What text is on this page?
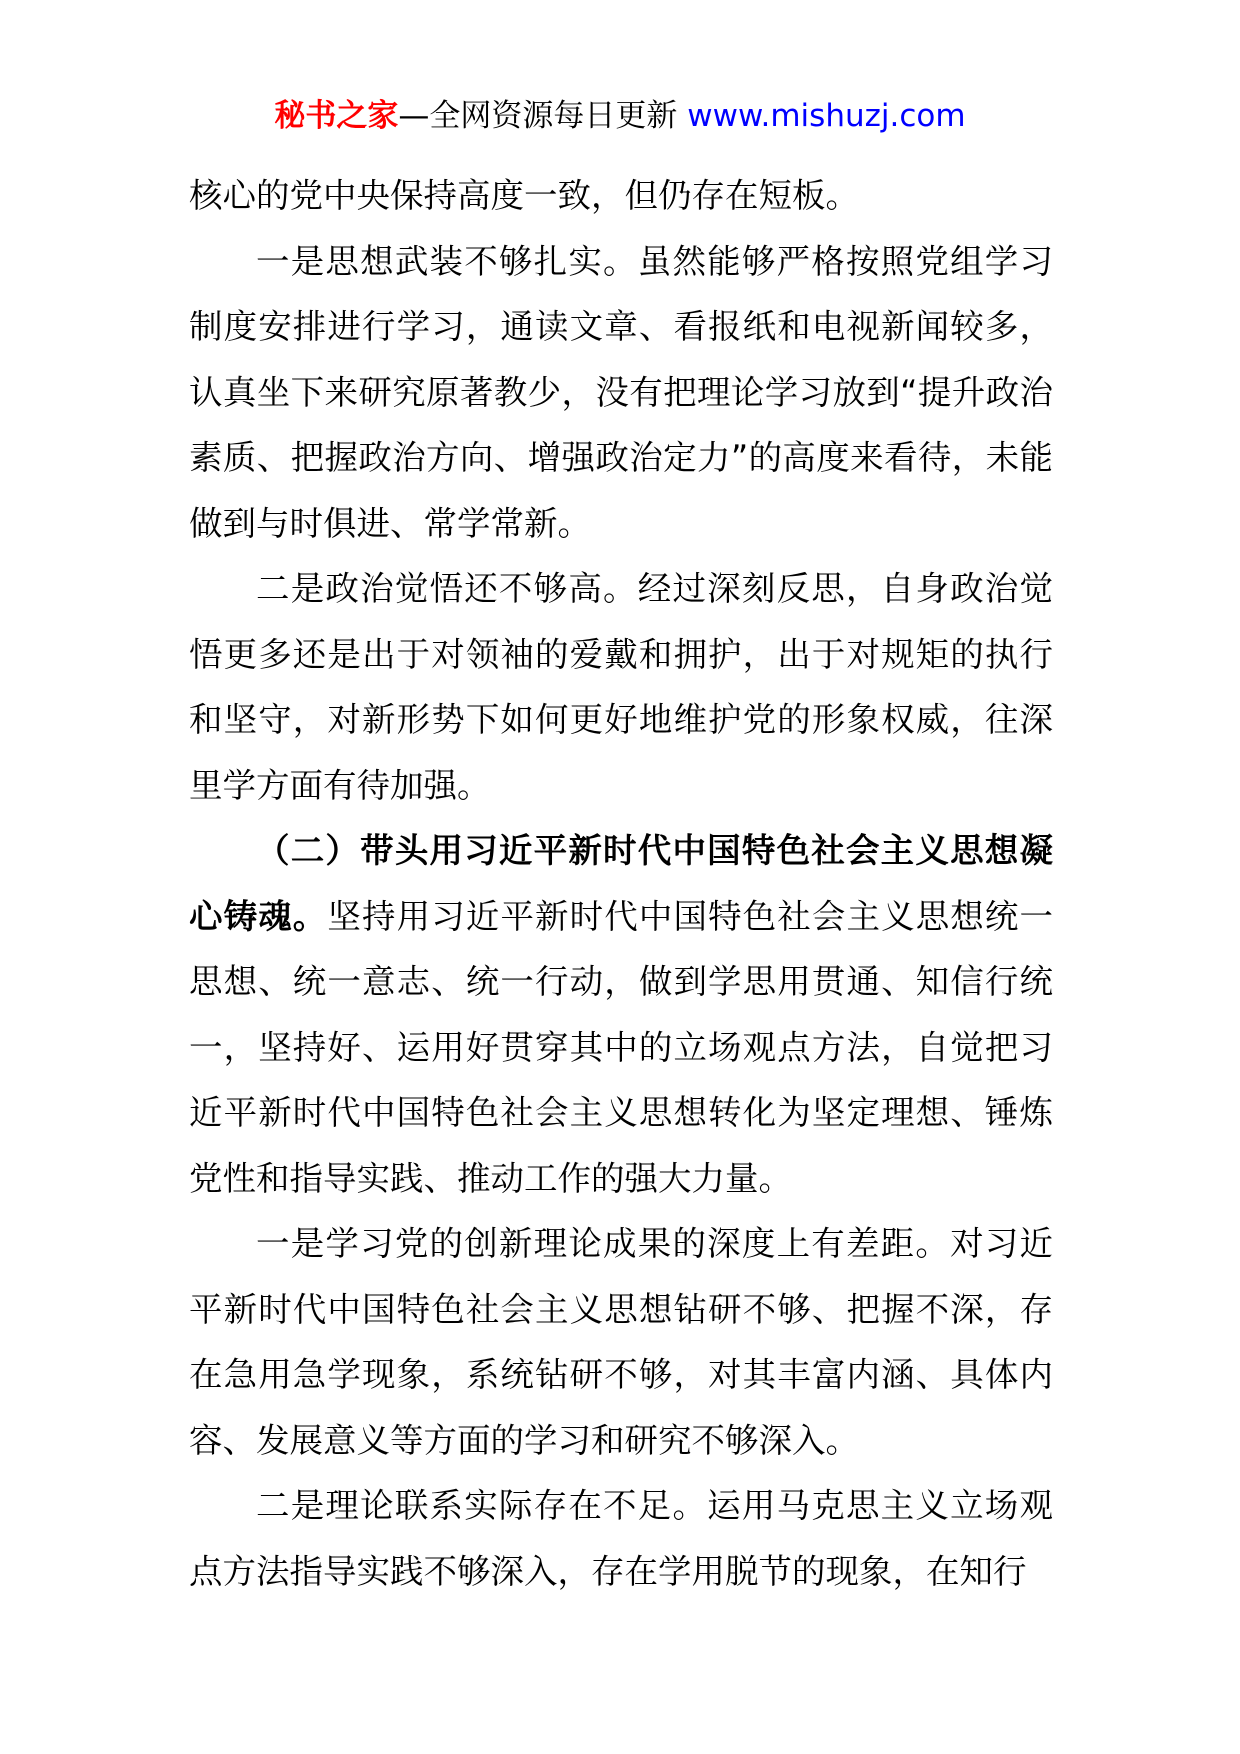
秘书之家—全网资源每日更新 www.mishuzj.com

核心的党中央保持高度一致，但仍存在短板。

一是思想武装不够扎实。虽然能够严格按照党组学习制度安排进行学习，通读文章、看报纸和电视新闻较多，认真坐下来研究原著教少，没有把理论学习放到“提升政治素质、把握政治方向、增强政治定力”的高度来看待，未能做到与时俱进、常学常新。

二是政治觉悟还不够高。经过深刻反思，自身政治觉悟更多还是出于对领袖的爱戴和拥护，出于对规矩的执行和坚守，对新形势下如何更好地维护党的形象权威，往深里学方面有待加强。

（二）带头用习近平新时代中国特色社会主义思想凝心铸魂。坚持用习近平新时代中国特色社会主义思想统一思想、统一意志、统一行动，做到学思用贯通、知信行统一，坚持好、运用好贯穿其中的立场观点方法，自觉把习近平新时代中国特色社会主义思想转化为坚定理想、锤炼党性和指导实践、推动工作的强大力量。

一是学习党的创新理论成果的深度上有差距。对习近平新时代中国特色社会主义思想钻研不够、把握不深，存在急用急学现象，系统钻研不够，对其丰富内涵、具体内容、发展意义等方面的学习和研究不够深入。

二是理论联系实际存在不足。运用马克思主义立场观点方法指导实践不够深入，存在学用脱节的现象，在知行
